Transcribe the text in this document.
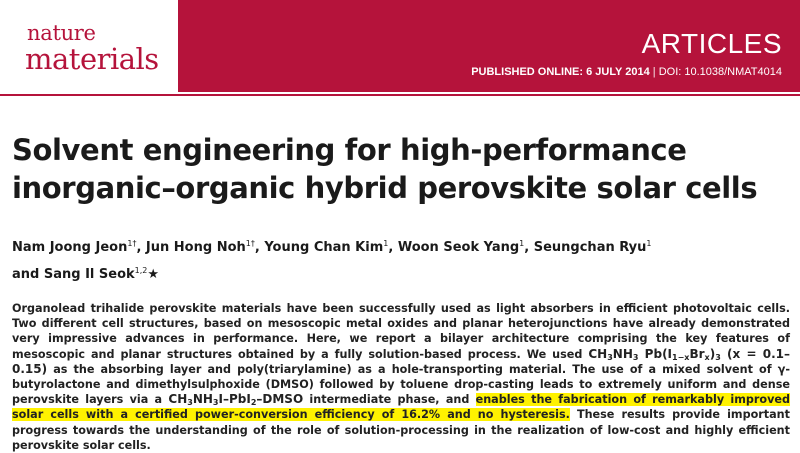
nature
materials	ARTICLES
PUBLISHED ONLINE: 6 JULY 2014 | DOI: 10.1038/NMAT4014
Solvent engineering for high-performance
inorganic–organic hybrid perovskite solar cells
Nam Joong Jeon$^{1\dagger}$, Jun Hong Noh$^{1\dagger}$, Young Chan Kim$^1$, Woon Seok Yang$^1$, Seungchan Ryu$^1$
and Sang Il Seok$^{1,2}$★
Organolead trihalide perovskite materials have been successfully used as light absorbers in efficient photovoltaic cells. Two different cell structures, based on mesoscopic metal oxides and planar heterojunctions have already demonstrated very impressive advances in performance. Here, we report a bilayer architecture comprising the key features of mesoscopic and planar structures obtained by a fully solution-based process. We used $CH_3NH_3$ $Pb(I_{1-x}Br_x)_3$ (x = 0.1–0.15) as the absorbing layer and poly(triarylamine) as a hole-transporting material. The use of a mixed solvent of γ-butyrolactone and dimethylsulphoxide (DMSO) followed by toluene drop-casting leads to extremely uniform and dense perovskite layers via a $CH_3NH_3I-PbI_2$–DMSO intermediate phase, and enables the fabrication of remarkably improved solar cells with a certified power-conversion efficiency of 16.2% and no hysteresis. These results provide important progress towards the understanding of the role of solution-processing in the realization of low-cost and highly efficient perovskite solar cells.
